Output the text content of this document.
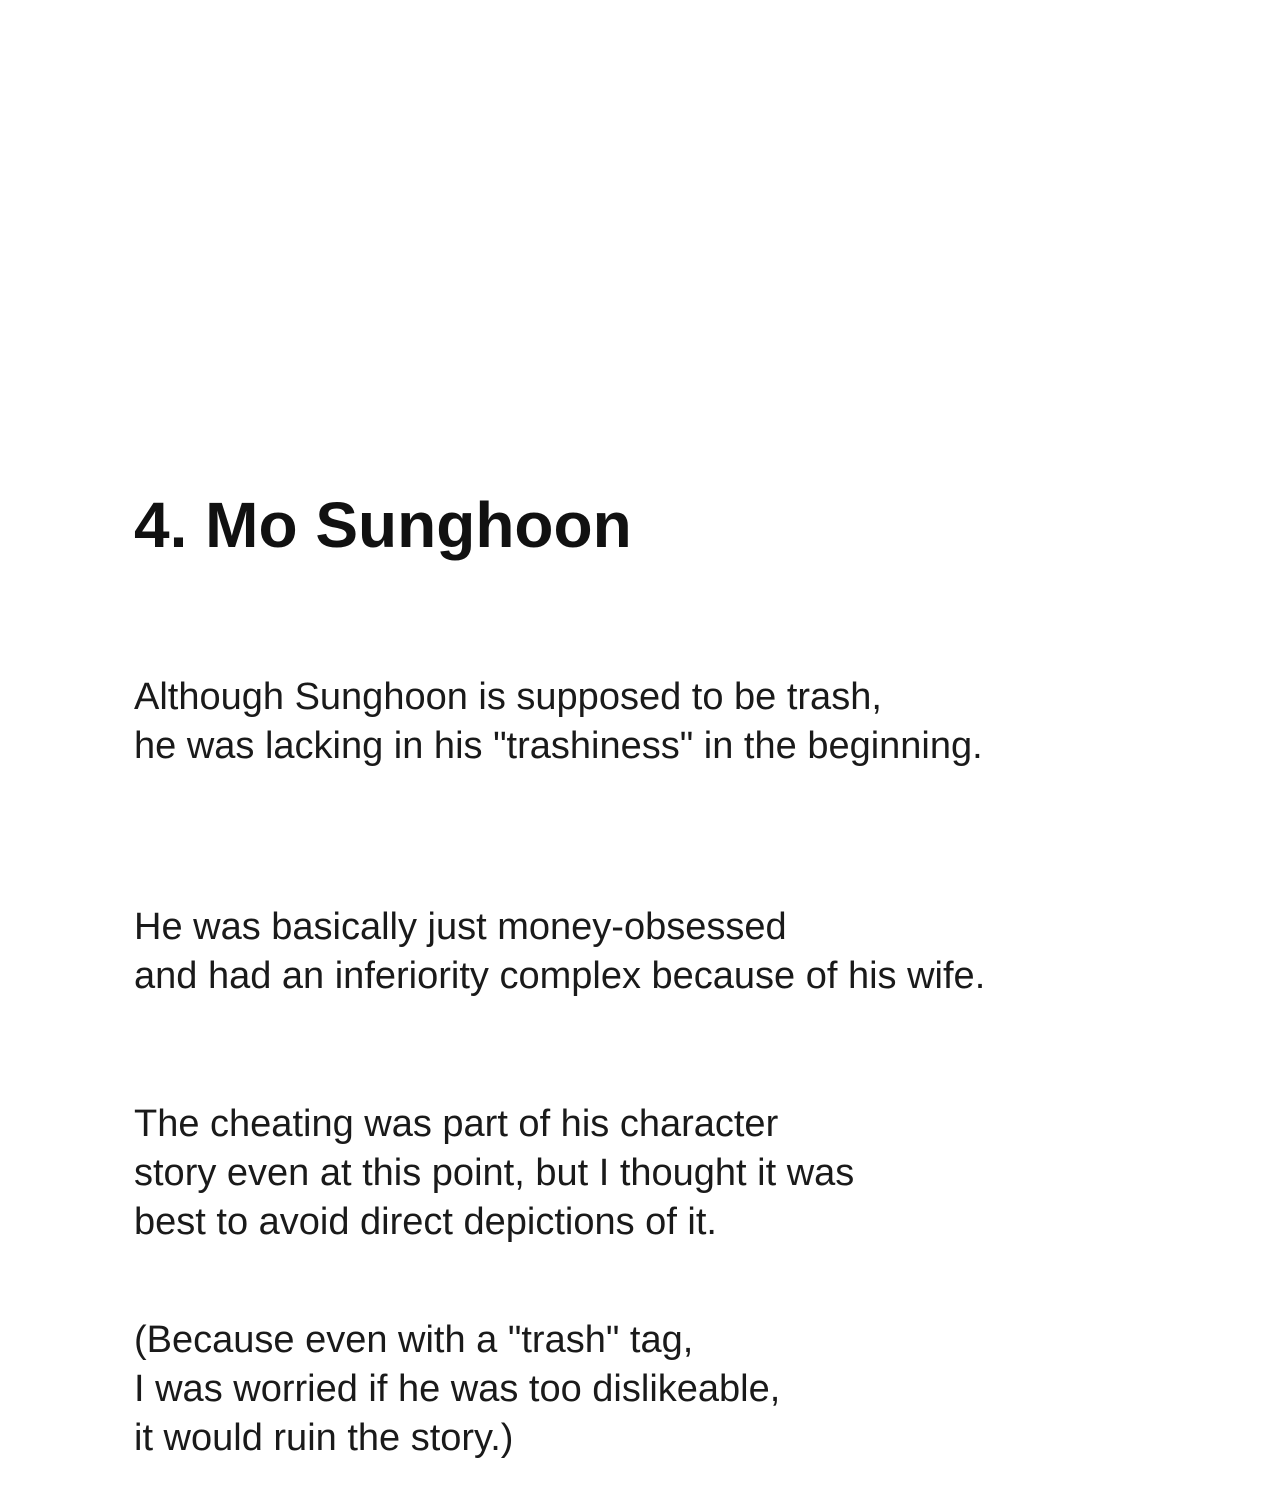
4. Mo Sunghoon

Although Sunghoon is supposed to be trash,
he was lacking in his "trashiness" in the beginning.

He was basically just money-obsessed
and had an inferiority complex because of his wife.

The cheating was part of his character
story even at this point, but I thought it was
best to avoid direct depictions of it.

(Because even with a "trash" tag,
I was worried if he was too dislikeable,
it would ruin the story.)
